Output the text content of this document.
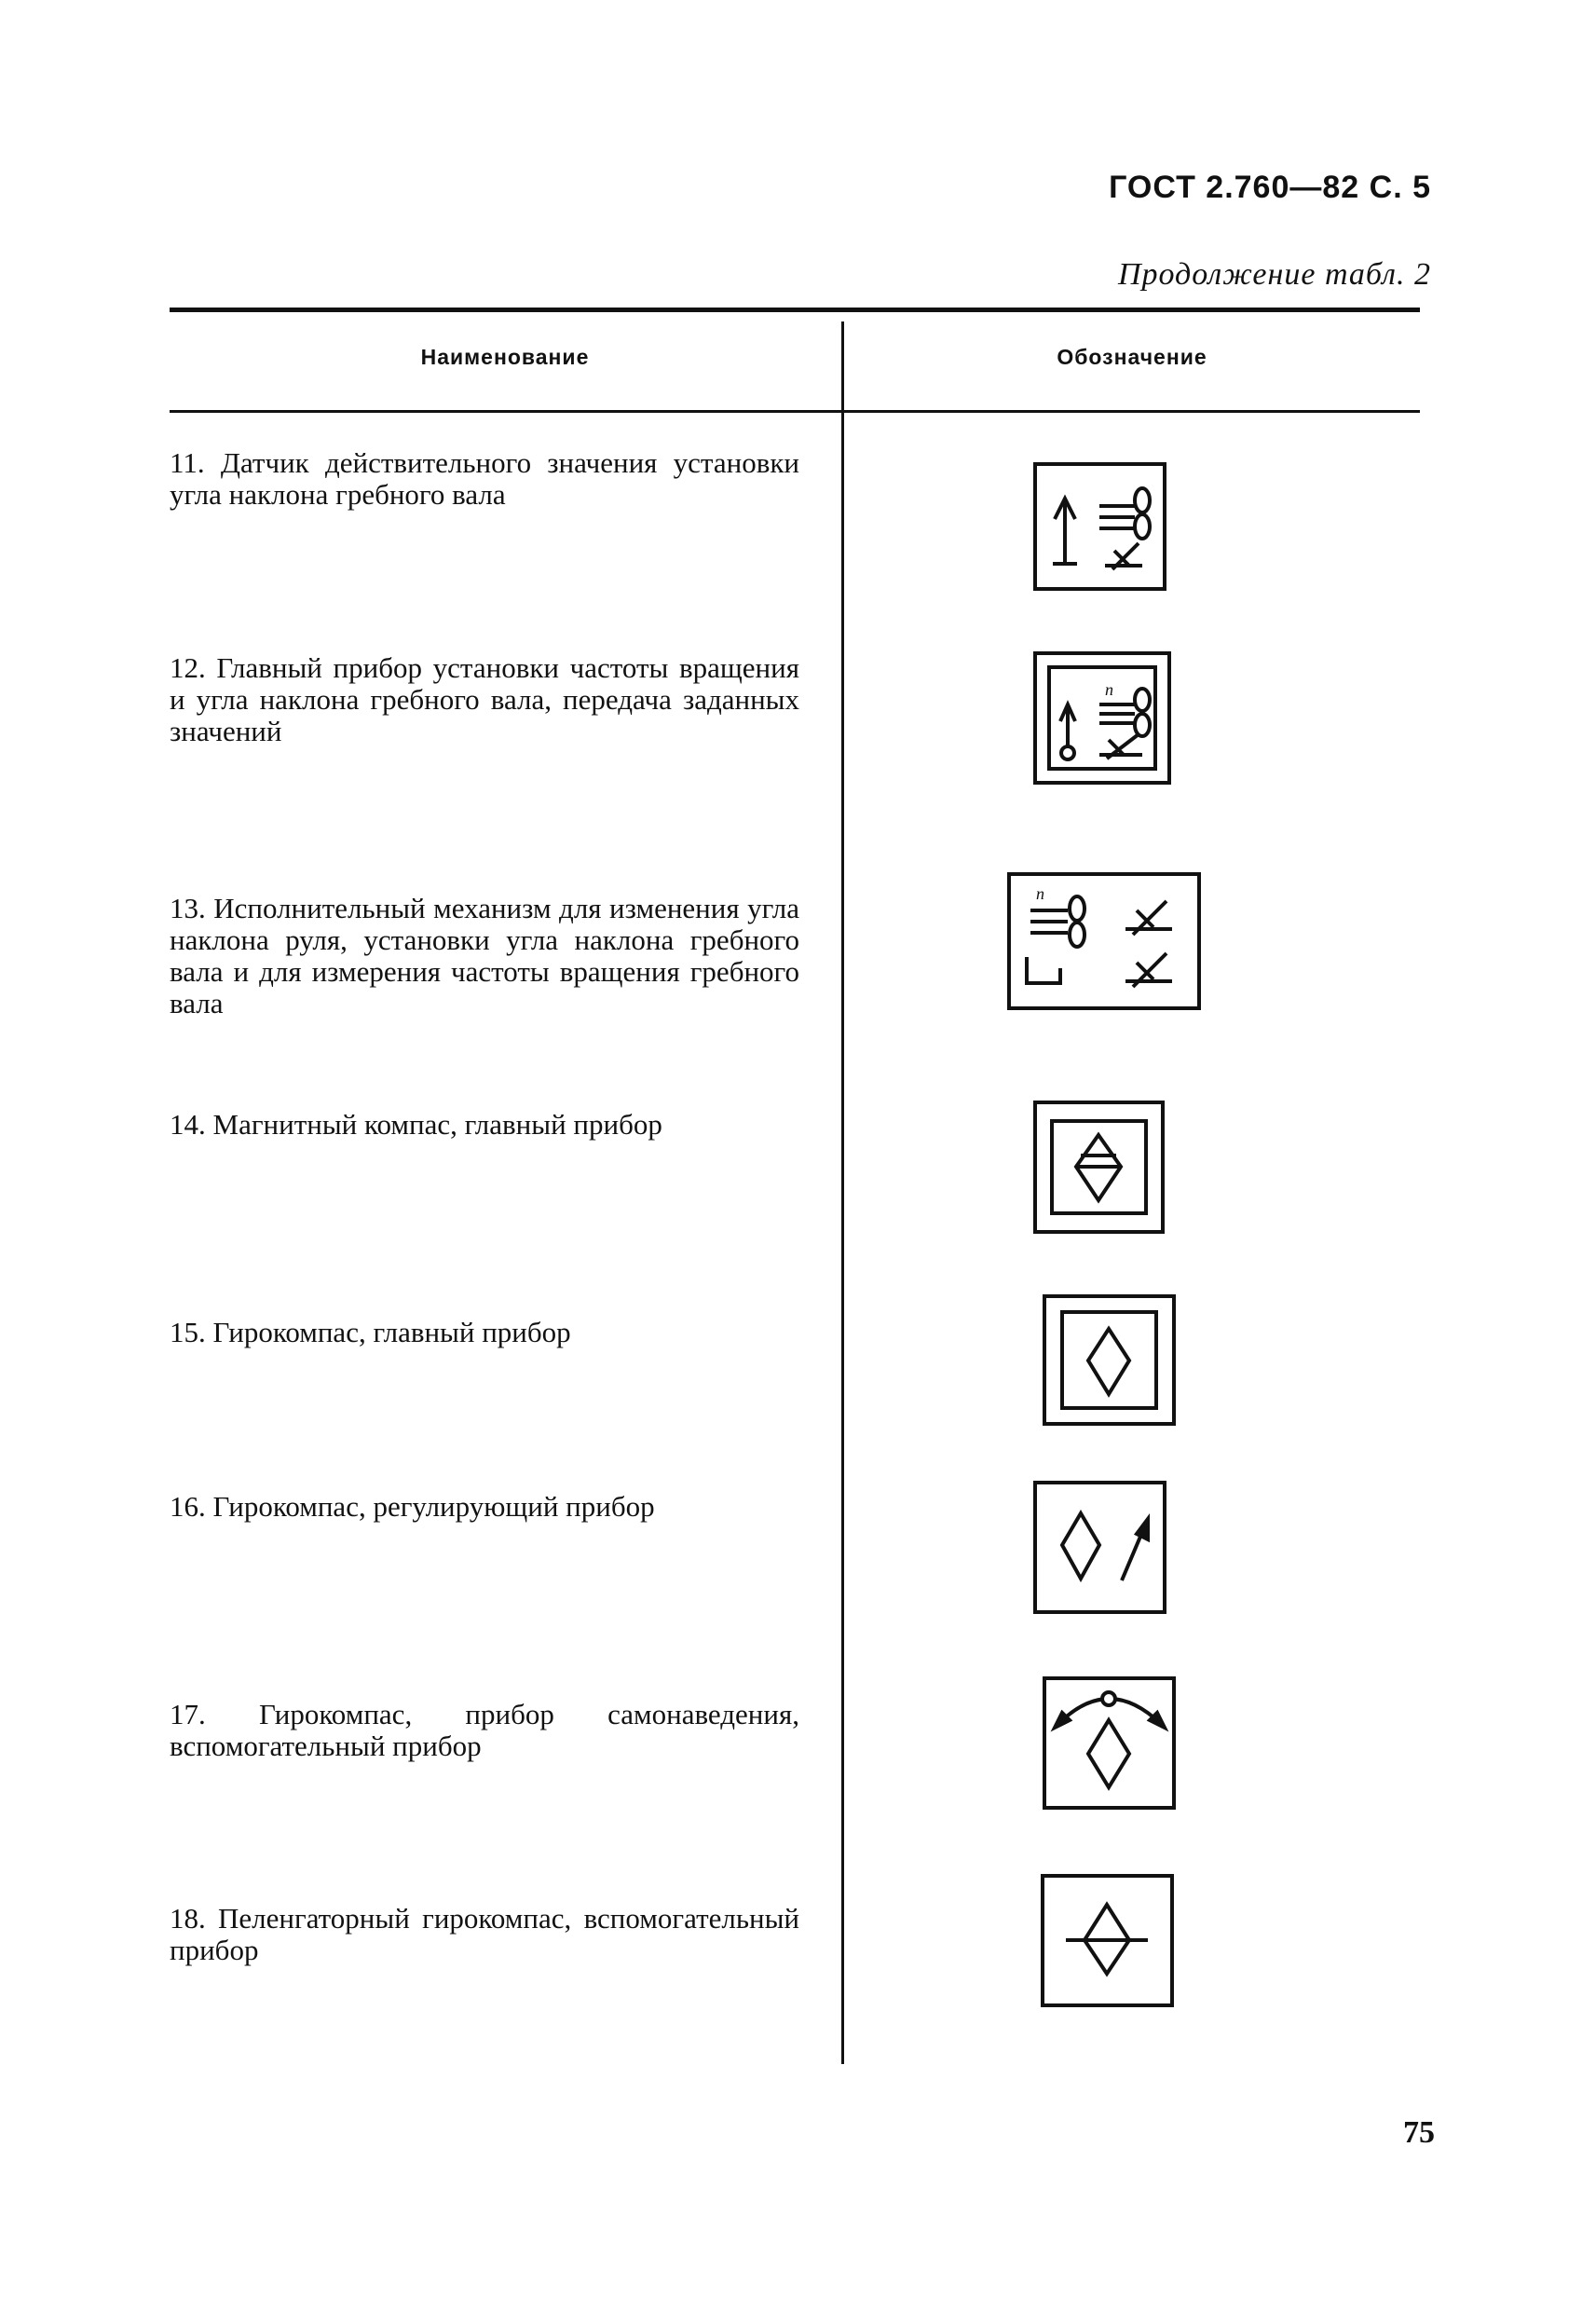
ГОСТ 2.760—82 С. 5
Продолжение табл. 2
Наименование	Обозначение
11. Датчик действительного значения установки угла наклона гребного вала
12. Главный прибор установки частоты вращения и угла наклона гребного вала, передача заданных значений
n
13. Исполнительный механизм для изменения угла наклона руля, установки угла наклона гребного вала и для измерения частоты вращения гребного вала
n
14. Магнитный компас, главный прибор
15. Гирокомпас, главный прибор
16. Гирокомпас, регулирующий прибор
17. Гирокомпас, прибор самонаведения, вспомогательный прибор
18. Пеленгаторный гирокомпас, вспомогательный прибор
75
